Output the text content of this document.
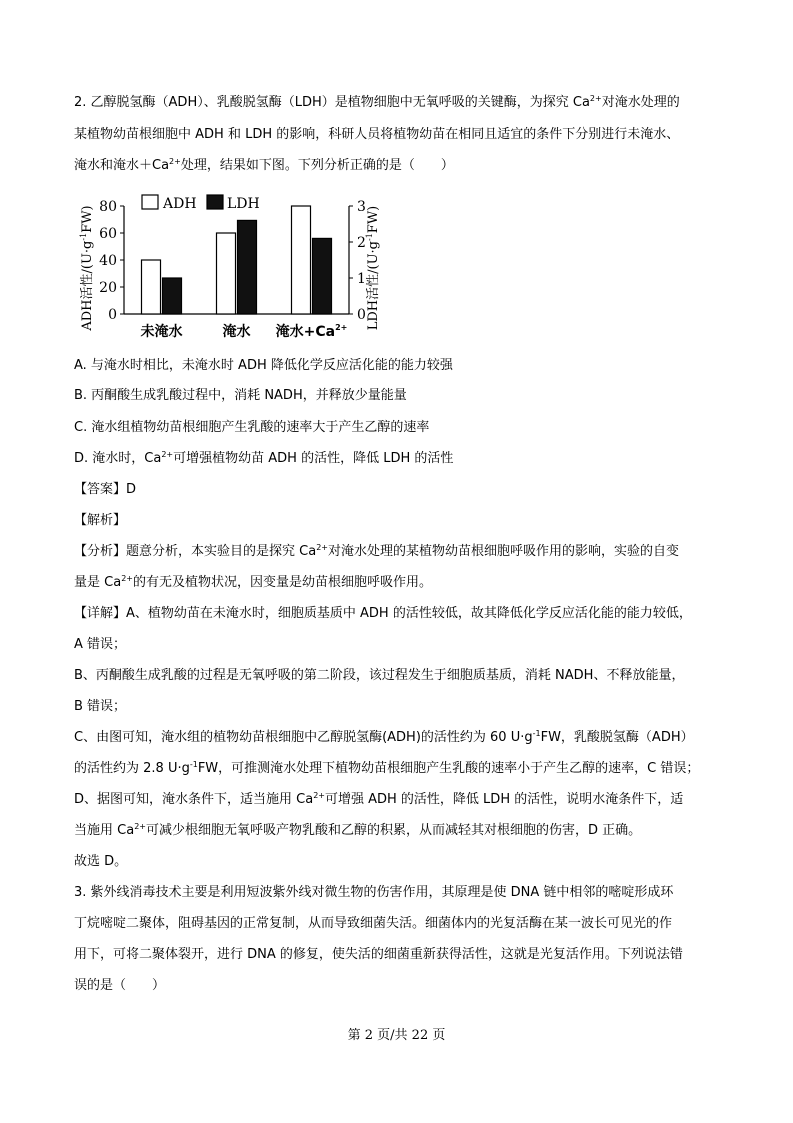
2. 乙醇脱氢酶（ADH）、乳酸脱氢酶（LDH）是植物细胞中无氧呼吸的关键酶，为探究 $Ca^{2+}$对淹水处理的
某植物幼苗根细胞中 ADH 和 LDH 的影响，科研人员将植物幼苗在相同且适宜的条件下分别进行未淹水、
淹水和淹水$+Ca^{2+}$处理，结果如下图。下列分析正确的是（　　）
ADH活性$/(U\cdot g^{-1}FW)$
LDH活性$/(U\cdot g^{-1}FW)$
ADH LDH
0
20
40
60
80
0
1
2
3
未淹水	淹水 淹水$+Ca^{2+}$
A. 与淹水时相比，未淹水时 ADH 降低化学反应活化能的能力较强
B. 丙酮酸生成乳酸过程中，消耗 NADH，并释放少量能量
C. 淹水组植物幼苗根细胞产生乳酸的速率大于产生乙醇的速率
D. 淹水时，$Ca^{2+}$可增强植物幼苗 ADH 的活性，降低 LDH 的活性
【答案】D
【解析】
【分析】题意分析，本实验目的是探究 $Ca^{2+}$对淹水处理的某植物幼苗根细胞呼吸作用的影响，实验的自变
量是 $Ca^{2+}$的有无及植物状况，因变量是幼苗根细胞呼吸作用。
【详解】A、植物幼苗在未淹水时，细胞质基质中 ADH 的活性较低，故其降低化学反应活化能的能力较低，
A 错误；
B、丙酮酸生成乳酸的过程是无氧呼吸的第二阶段，该过程发生于细胞质基质，消耗 NADH、不释放能量，
B 错误；
C、由图可知，淹水组的植物幼苗根细胞中乙醇脱氢酶(ADH)的活性约为 60 $U\cdot g^{-1}FW$，乳酸脱氢酶（ADH）
的活性约为 2.8 $U\cdot g^{-1}FW$，可推测淹水处理下植物幼苗根细胞产生乳酸的速率小于产生乙醇的速率，C 错误；
D、据图可知，淹水条件下，适当施用 $Ca^{2+}$可增强 ADH 的活性，降低 LDH 的活性，说明水淹条件下，适
当施用 $Ca^{2+}$可减少根细胞无氧呼吸产物乳酸和乙醇的积累，从而减轻其对根细胞的伤害，D 正确。
故选 D。
3. 紫外线消毒技术主要是利用短波紫外线对微生物的伤害作用，其原理是使 DNA 链中相邻的嘧啶形成环
丁烷嘧啶二聚体，阻碍基因的正常复制，从而导致细菌失活。细菌体内的光复活酶在某一波长可见光的作
用下，可将二聚体裂开，进行 DNA 的修复，使失活的细菌重新获得活性，这就是光复活作用。下列说法错
误的是（　　）
第 2 页/共 22 页
